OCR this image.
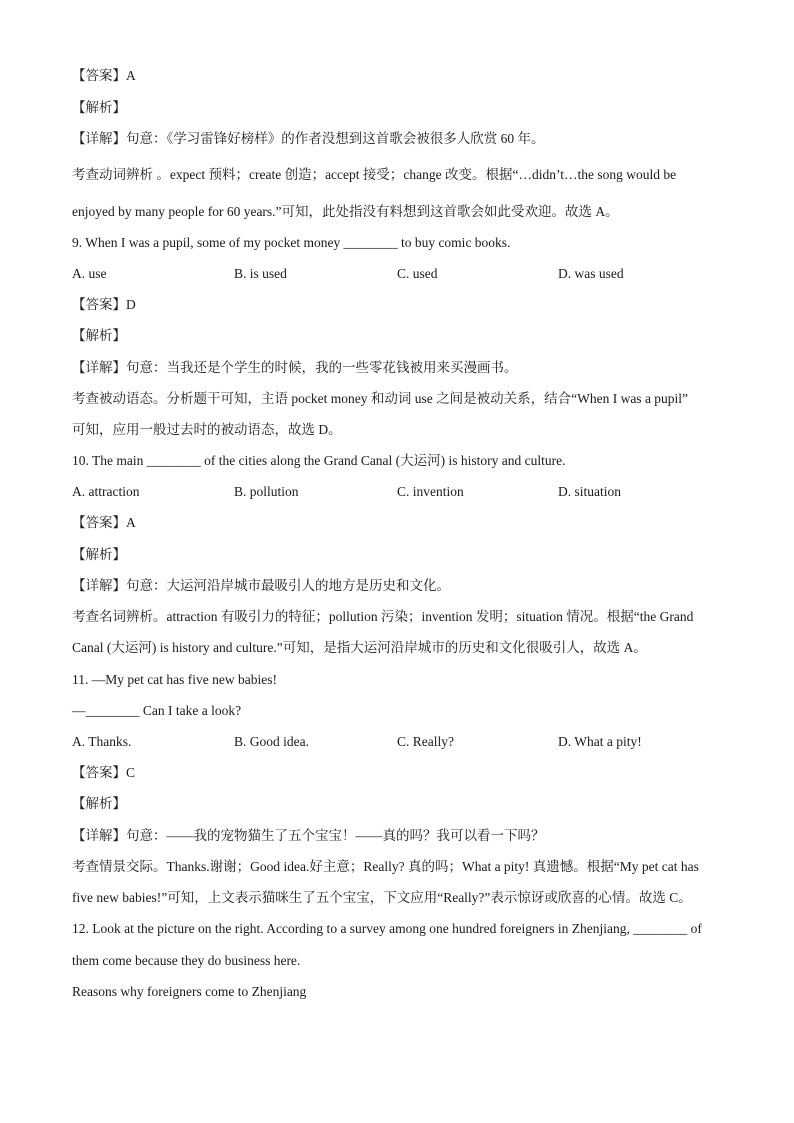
【答案】A
【解析】
【详解】句意：《学习雷锋好榜样》的作者没想到这首歌会被很多人欣赏 60 年。
考查动词辨析 。expect 预料；create 创造；accept 接受；change 改变。根据“…didn’t…the song would be
enjoyed by many people for 60 years.”可知，此处指没有料想到这首歌会如此受欢迎。故选 A。
9. When I was a pupil, some of my pocket money ________ to buy comic books.
A. use	B. is used	C. used	D. was used
【答案】D
【解析】
【详解】句意：当我还是个学生的时候，我的一些零花钱被用来买漫画书。
考查被动语态。分析题干可知，主语 pocket money 和动词 use 之间是被动关系，结合“When I was a pupil”
可知，应用一般过去时的被动语态，故选 D。
10. The main ________ of the cities along the Grand Canal (大运河) is history and culture.
A. attraction	B. pollution	C. invention	D. situation
【答案】A
【解析】
【详解】句意：大运河沿岸城市最吸引人的地方是历史和文化。
考查名词辨析。attraction 有吸引力的特征；pollution 污染；invention 发明；situation 情况。根据“the Grand
Canal (大运河) is history and culture.”可知，是指大运河沿岸城市的历史和文化很吸引人，故选 A。
11. —My pet cat has five new babies!
—________ Can I take a look?
A. Thanks.	B. Good idea.	C. Really?	D. What a pity!
【答案】C
【解析】
【详解】句意：——我的宠物猫生了五个宝宝！——真的吗？我可以看一下吗？
考查情景交际。Thanks.谢谢；Good idea.好主意；Really? 真的吗；What a pity! 真遗憾。根据“My pet cat has
five new babies!”可知，上文表示猫咪生了五个宝宝，下文应用“Really?”表示惊讶或欣喜的心情。故选 C。
12. Look at the picture on the right. According to a survey among one hundred foreigners in Zhenjiang, ________ of
them come because they do business here.
Reasons why foreigners come to Zhenjiang
